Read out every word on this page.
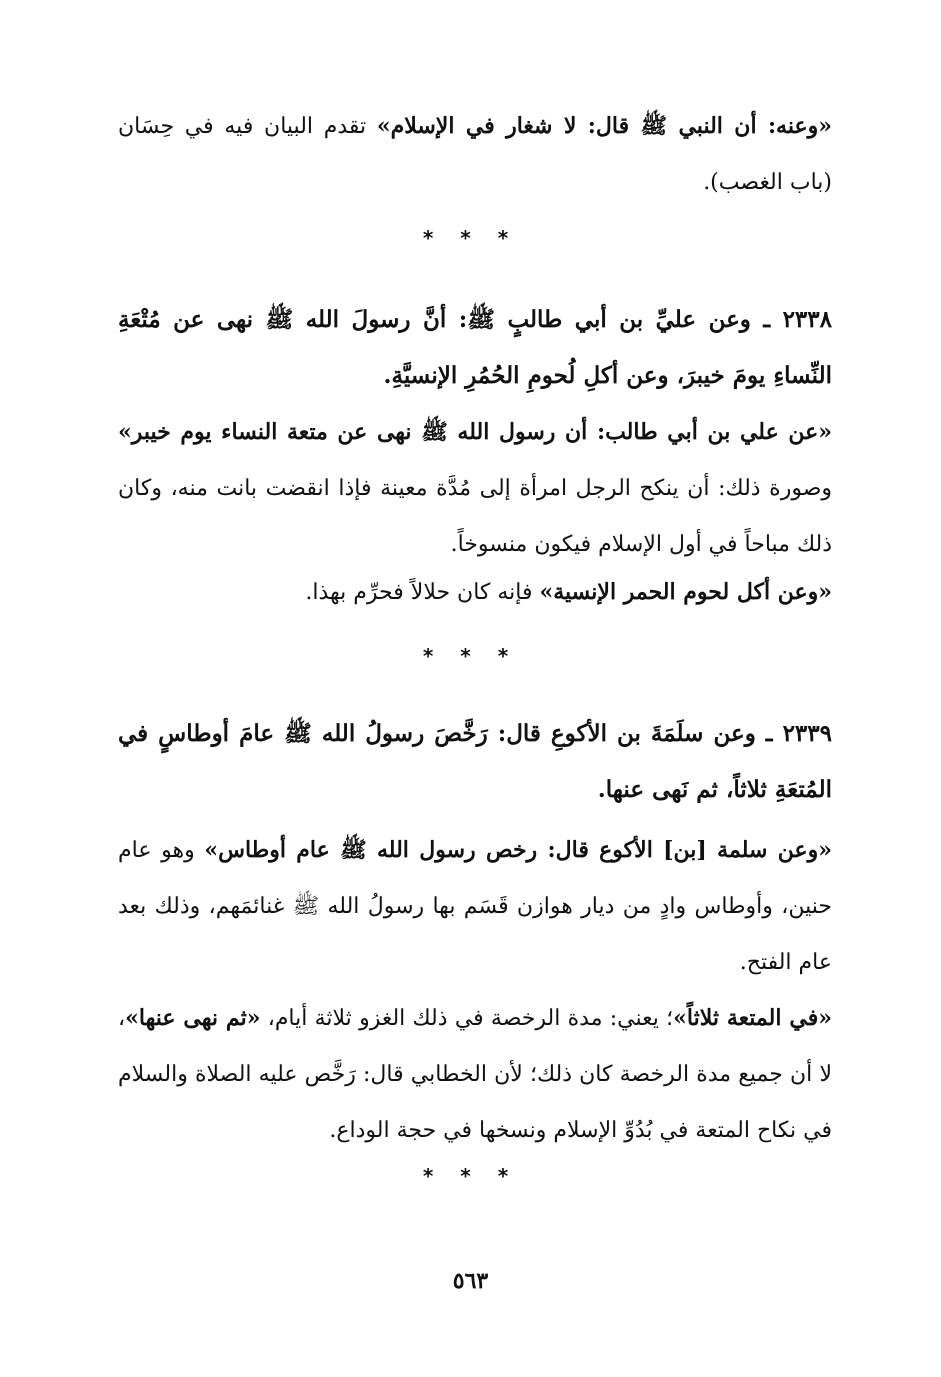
«وعنه: أن النبي ﷺ قال: لا شغار في الإسلام» تقدم البيان فيه في حِسَان (باب الغصب).

* * *

٢٣٣٨ ـ وعن عليِّ بن أبي طالبٍ ﷺ: أنَّ رسولَ الله ﷺ نهى عن مُتْعَةِ النِّساءِ يومَ خيبرَ، وعن أكلِ لُحومِ الحُمُرِ الإنسيَّةِ.

«عن علي بن أبي طالب: أن رسول الله ﷺ نهى عن متعة النساء يوم خيبر» وصورة ذلك: أن ينكح الرجل امرأة إلى مُدَّة معينة فإذا انقضت بانت منه، وكان ذلك مباحاً في أول الإسلام فيكون منسوخاً.

«وعن أكل لحوم الحمر الإنسية» فإنه كان حلالاً فحرِّم بهذا.

* * *

٢٣٣٩ ـ وعن سلَمَةَ بن الأكوعِ قال: رَخَّصَ رسولُ الله ﷺ عامَ أوطاسٍ في المُتعَةِ ثلاثاً، ثم نَهى عنها.

«وعن سلمة [بن] الأكوع قال: رخص رسول الله ﷺ عام أوطاس» وهو عام حنين، وأوطاس وادٍ من ديار هوازن قَسَم بها رسولُ الله ﷺ غنائمَهم، وذلك بعد عام الفتح.

«في المتعة ثلاثاً»؛ يعني: مدة الرخصة في ذلك الغزو ثلاثة أيام، «ثم نهى عنها»، لا أن جميع مدة الرخصة كان ذلك؛ لأن الخطابي قال: رَخَّص عليه الصلاة والسلام في نكاح المتعة في بُدُوِّ الإسلام ونسخها في حجة الوداع.

* * *
٥٦٣
